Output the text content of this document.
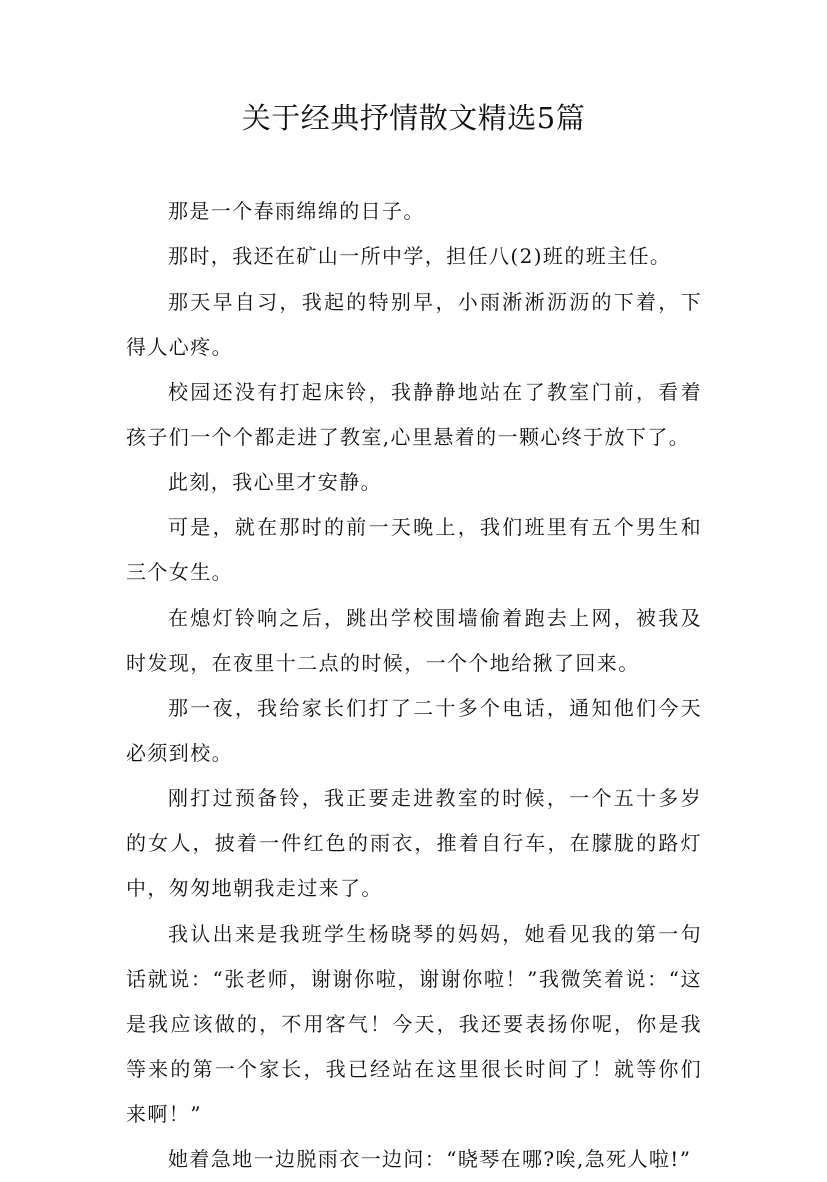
关于经典抒情散文精选5篇

那是一个春雨绵绵的日子。

那时，我还在矿山一所中学，担任八(2)班的班主任。

那天早自习，我起的特别早，小雨淅淅沥沥的下着，下得人心疼。

校园还没有打起床铃，我静静地站在了教室门前，看着孩子们一个个都走进了教室,心里悬着的一颗心终于放下了。

此刻，我心里才安静。

可是，就在那时的前一天晚上，我们班里有五个男生和三个女生。

在熄灯铃响之后，跳出学校围墙偷着跑去上网，被我及时发现，在夜里十二点的时候，一个个地给揪了回来。

那一夜，我给家长们打了二十多个电话，通知他们今天必须到校。

刚打过预备铃，我正要走进教室的时候，一个五十多岁的女人，披着一件红色的雨衣，推着自行车，在朦胧的路灯中，匆匆地朝我走过来了。

我认出来是我班学生杨晓琴的妈妈，她看见我的第一句话就说：“张老师，谢谢你啦，谢谢你啦！”我微笑着说：“这是我应该做的，不用客气！今天，我还要表扬你呢，你是我等来的第一个家长，我已经站在这里很长时间了！就等你们来啊！”

她着急地一边脱雨衣一边问：“晓琴在哪?唉,急死人啦!”
